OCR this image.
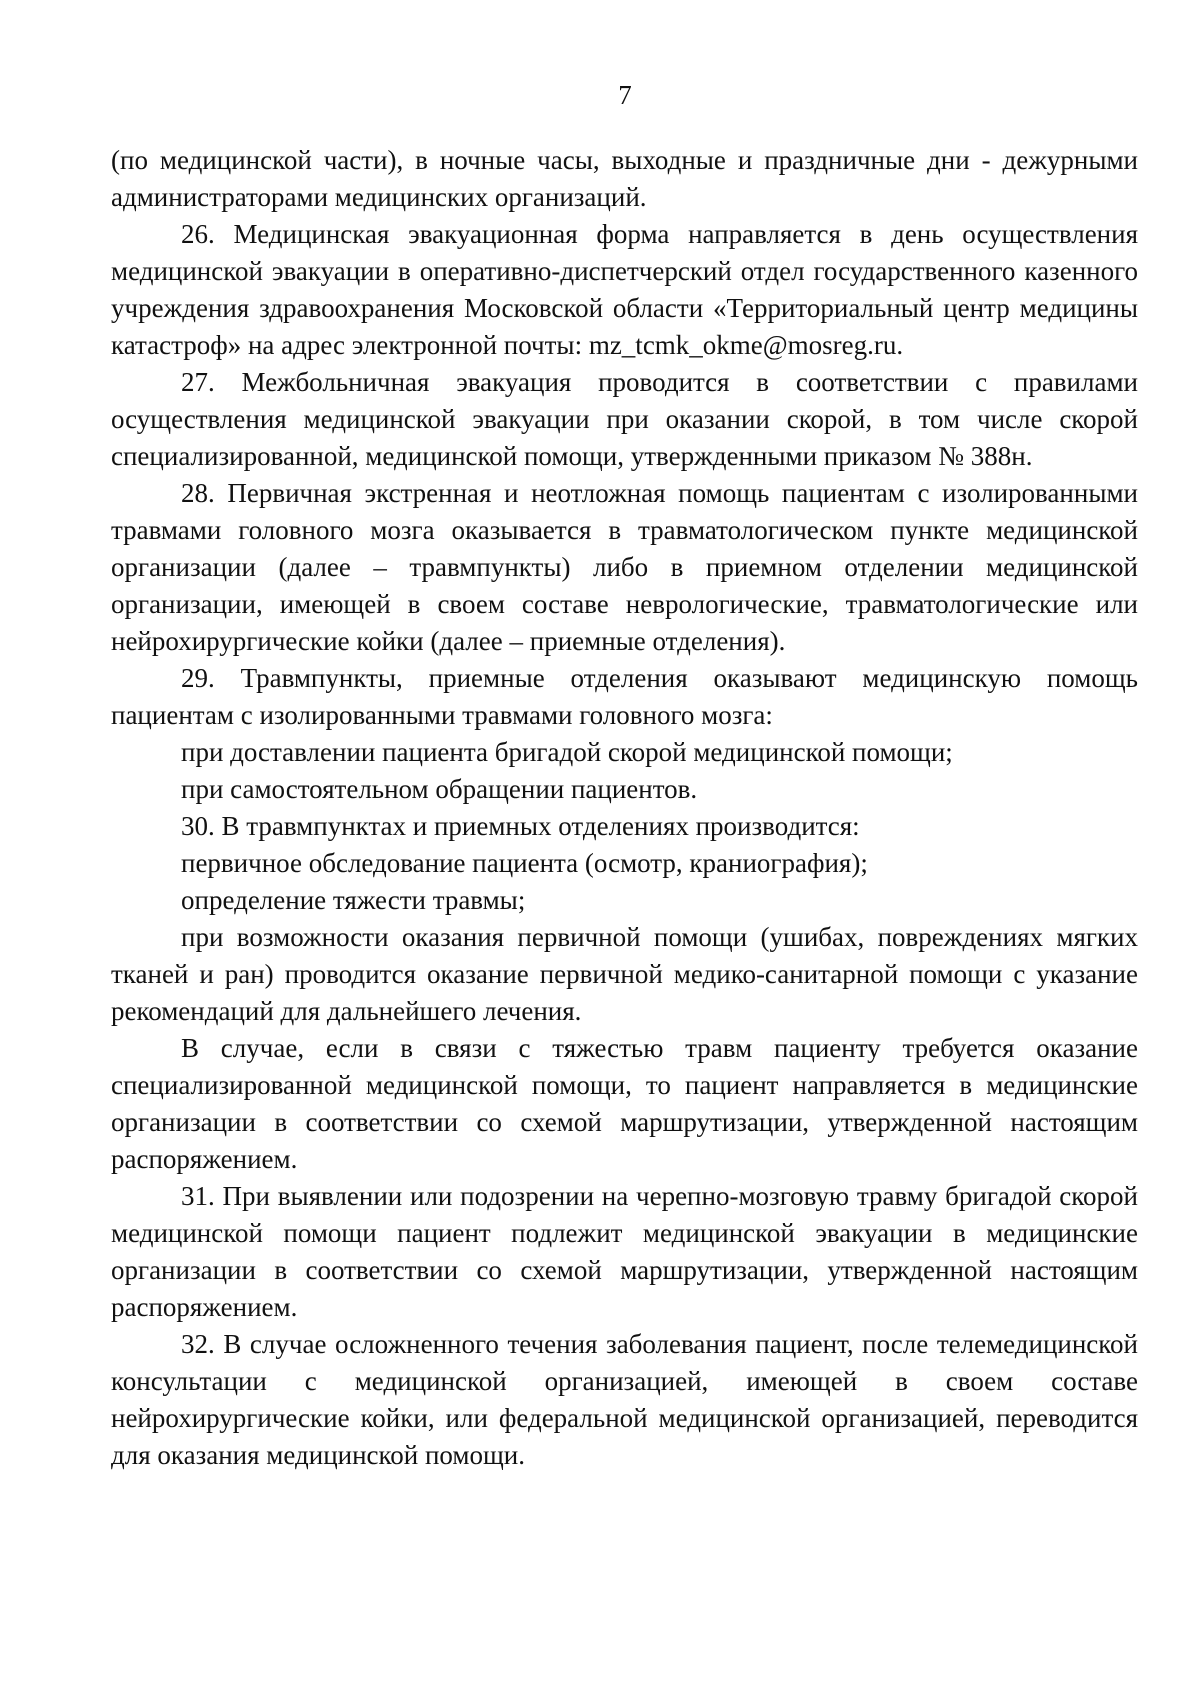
7

(по медицинской части), в ночные часы, выходные и праздничные дни - дежурными администраторами медицинских организаций.

26. Медицинская эвакуационная форма направляется в день осуществления медицинской эвакуации в оперативно-диспетчерский отдел государственного казенного учреждения здравоохранения Московской области «Территориальный центр медицины катастроф» на адрес электронной почты: mz_tcmk_okme@mosreg.ru.

27. Межбольничная эвакуация проводится в соответствии с правилами осуществления медицинской эвакуации при оказании скорой, в том числе скорой специализированной, медицинской помощи, утвержденными приказом № 388н.

28. Первичная экстренная и неотложная помощь пациентам с изолированными травмами головного мозга оказывается в травматологическом пункте медицинской организации (далее – травмпункты) либо в приемном отделении медицинской организации, имеющей в своем составе неврологические, травматологические или нейрохирургические койки (далее – приемные отделения).

29. Травмпункты, приемные отделения оказывают медицинскую помощь пациентам с изолированными травмами головного мозга:

при доставлении пациента бригадой скорой медицинской помощи;

при самостоятельном обращении пациентов.

30. В травмпунктах и приемных отделениях производится:

первичное обследование пациента (осмотр, краниография);

определение тяжести травмы;

при возможности оказания первичной помощи (ушибах, повреждениях мягких тканей и ран) проводится оказание первичной медико-санитарной помощи с указание рекомендаций для дальнейшего лечения.

В случае, если в связи с тяжестью травм пациенту требуется оказание специализированной медицинской помощи, то пациент направляется в медицинские организации в соответствии со схемой маршрутизации, утвержденной настоящим распоряжением.

31. При выявлении или подозрении на черепно-мозговую травму бригадой скорой медицинской помощи пациент подлежит медицинской эвакуации в медицинские организации в соответствии со схемой маршрутизации, утвержденной настоящим распоряжением.

32. В случае осложненного течения заболевания пациент, после телемедицинской консультации с медицинской организацией, имеющей в своем составе нейрохирургические койки, или федеральной медицинской организацией, переводится для оказания медицинской помощи.
